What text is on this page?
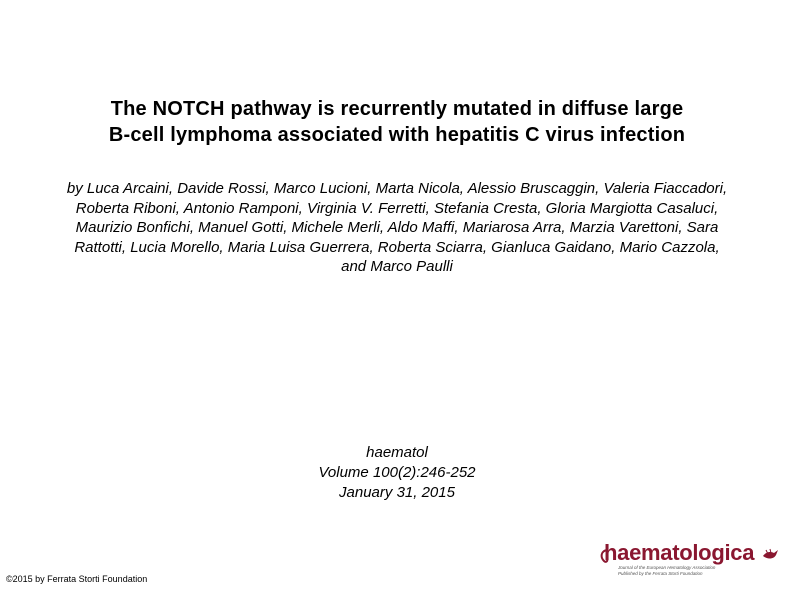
The NOTCH pathway is recurrently mutated in diffuse large
B-cell lymphoma associated with hepatitis C virus infection
by Luca Arcaini, Davide Rossi, Marco Lucioni, Marta Nicola, Alessio Bruscaggin, Valeria Fiaccadori, Roberta Riboni, Antonio Ramponi, Virginia V. Ferretti, Stefania Cresta, Gloria Margiotta Casaluci, Maurizio Bonfichi, Manuel Gotti, Michele Merli, Aldo Maffi, Mariarosa Arra, Marzia Varettoni, Sara Rattotti, Lucia Morello, Maria Luisa Guerrera, Roberta Sciarra, Gianluca Gaidano, Mario Cazzola, and Marco Paulli
haematol
Volume 100(2):246-252
January 31, 2015
©2015 by Ferrata Storti Foundation
haematologica
Journal of the European Hematology Association
Published by the Ferrata Storti Foundation
